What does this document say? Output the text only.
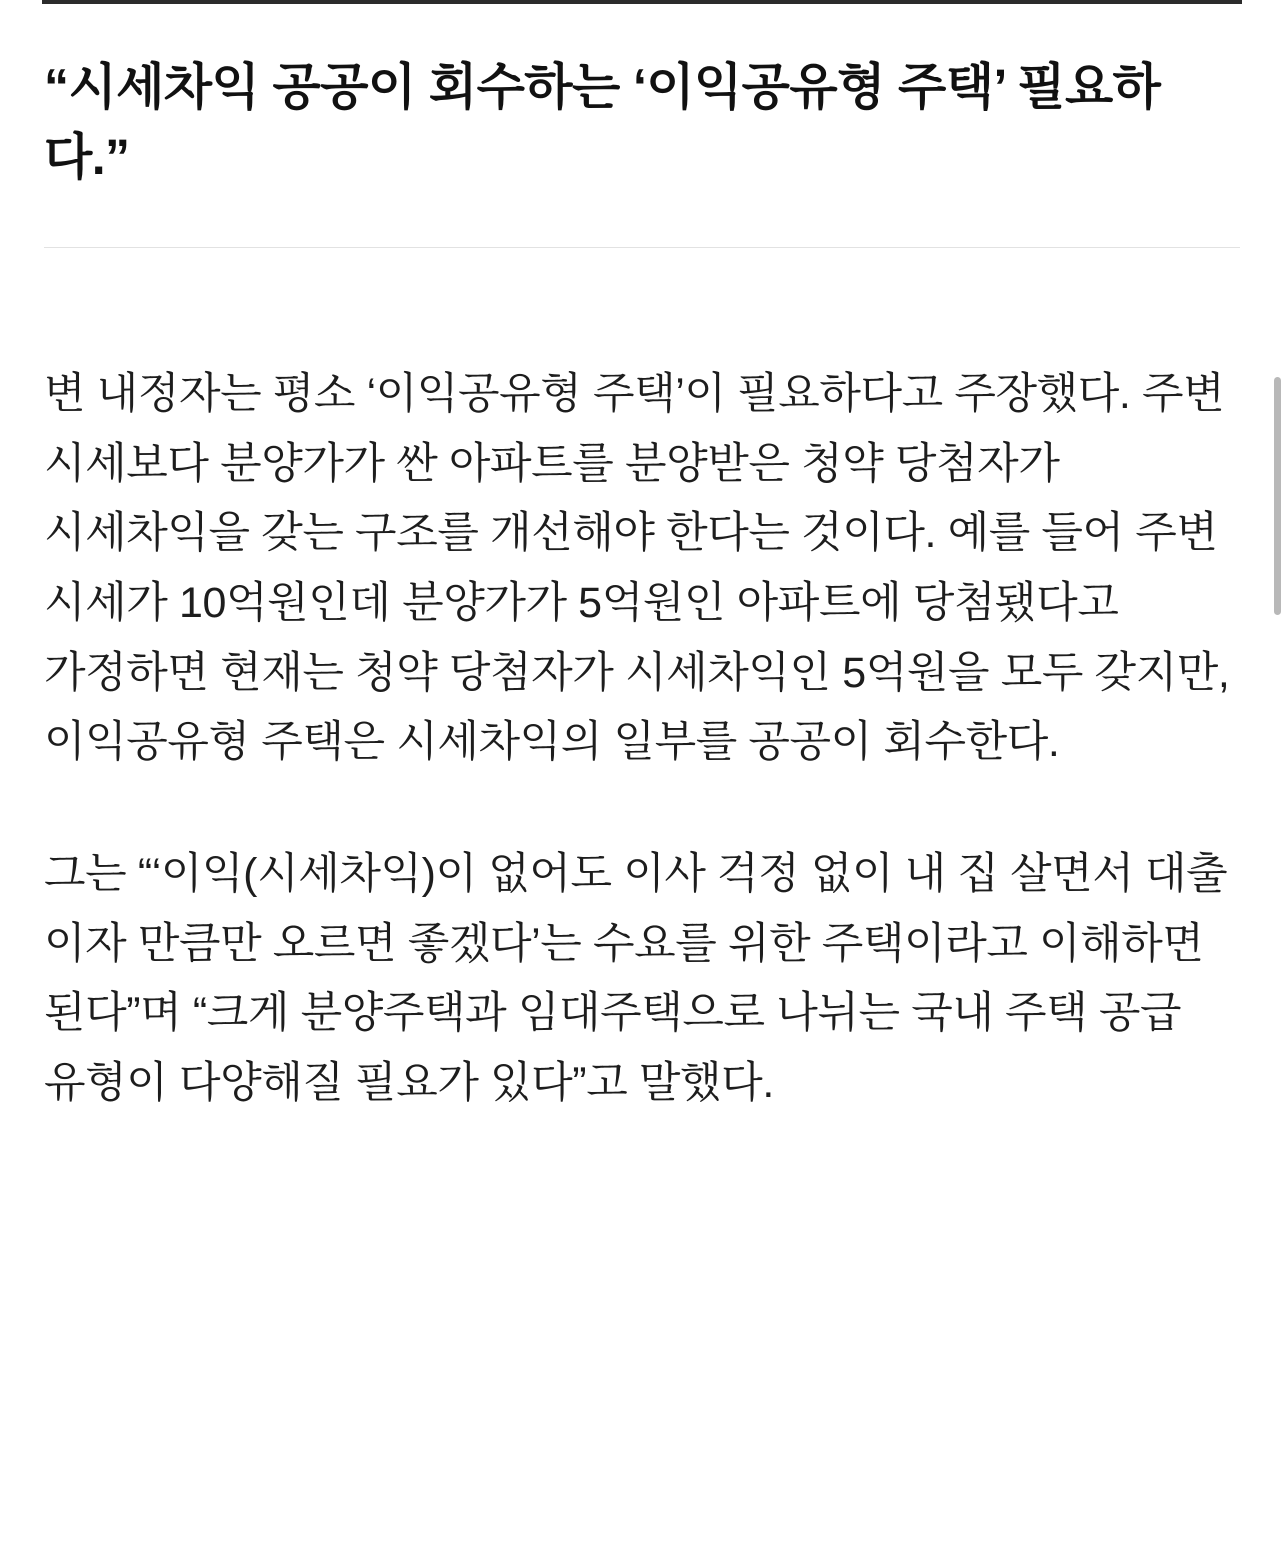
“시세차익 공공이 회수하는 ‘이익공유형 주택’ 필요하다.”

변 내정자는 평소 ‘이익공유형 주택’이 필요하다고 주장했다. 주변 시세보다 분양가가 싼 아파트를 분양받은 청약 당첨자가 시세차익을 갖는 구조를 개선해야 한다는 것이다. 예를 들어 주변 시세가 10억원인데 분양가가 5억원인 아파트에 당첨됐다고 가정하면 현재는 청약 당첨자가 시세차익인 5억원을 모두 갖지만, 이익공유형 주택은 시세차익의 일부를 공공이 회수한다.

그는 “‘이익(시세차익)이 없어도 이사 걱정 없이 내 집 살면서 대출 이자 만큼만 오르면 좋겠다’는 수요를 위한 주택이라고 이해하면 된다”며 “크게 분양주택과 임대주택으로 나뉘는 국내 주택 공급 유형이 다양해질 필요가 있다”고 말했다.
